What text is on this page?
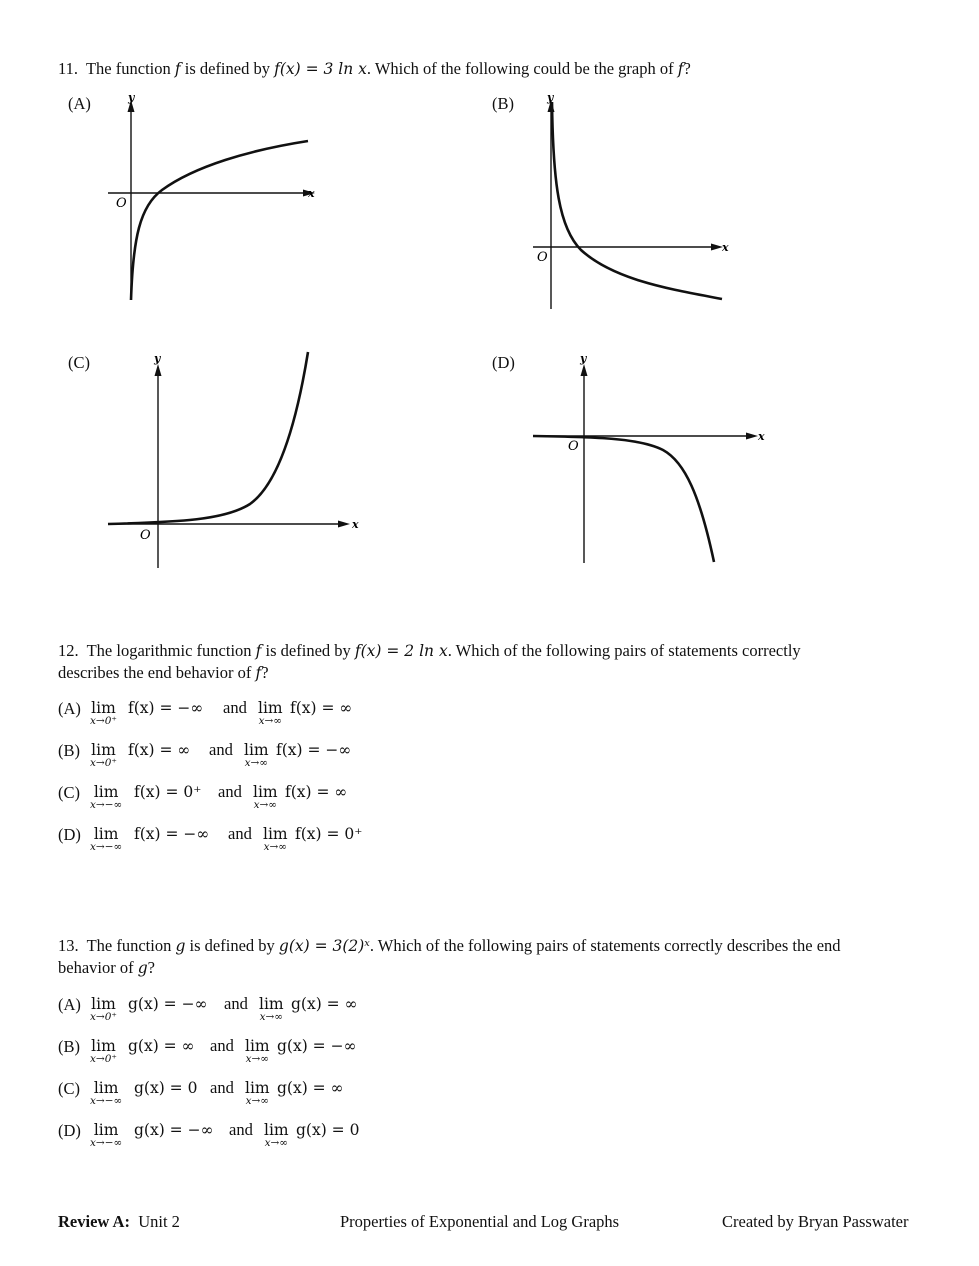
11. The function f is defined by f(x) = 3 ln x. Which of the following could be the graph of f?
(A)	(B)
(C)	(D)
x
y
O
x
y
O
x
y
O
x
y
O
12. The logarithmic function f is defined by f(x) = 2 ln x. Which of the following pairs of statements correctly
describes the end behavior of f?
(A) lim
x→0⁺
f(x) = −∞ and lim
x→∞
f(x) = ∞
(B) lim
x→0⁺
f(x) = ∞ and lim
x→∞
f(x) = −∞
(C) lim
x→−∞
f(x) = 0⁺ and lim
x→∞
f(x) = ∞
(D) lim
x→−∞
f(x) = −∞ and lim
x→∞
f(x) = 0⁺
13. The function g is defined by g(x) = 3(2)ˣ. Which of the following pairs of statements correctly describes the end
behavior of g?
(A) lim
x→0⁺
g(x) = −∞ and lim
x→∞
g(x) = ∞
(B) lim
x→0⁺
g(x) = ∞ and lim
x→∞
g(x) = −∞
(C) lim
x→−∞
g(x) = 0 and lim
x→∞
g(x) = ∞
(D) lim
x→−∞
g(x) = −∞ and lim
x→∞
g(x) = 0
Review A: Unit 2	Properties of Exponential and Log Graphs	Created by Bryan Passwater
